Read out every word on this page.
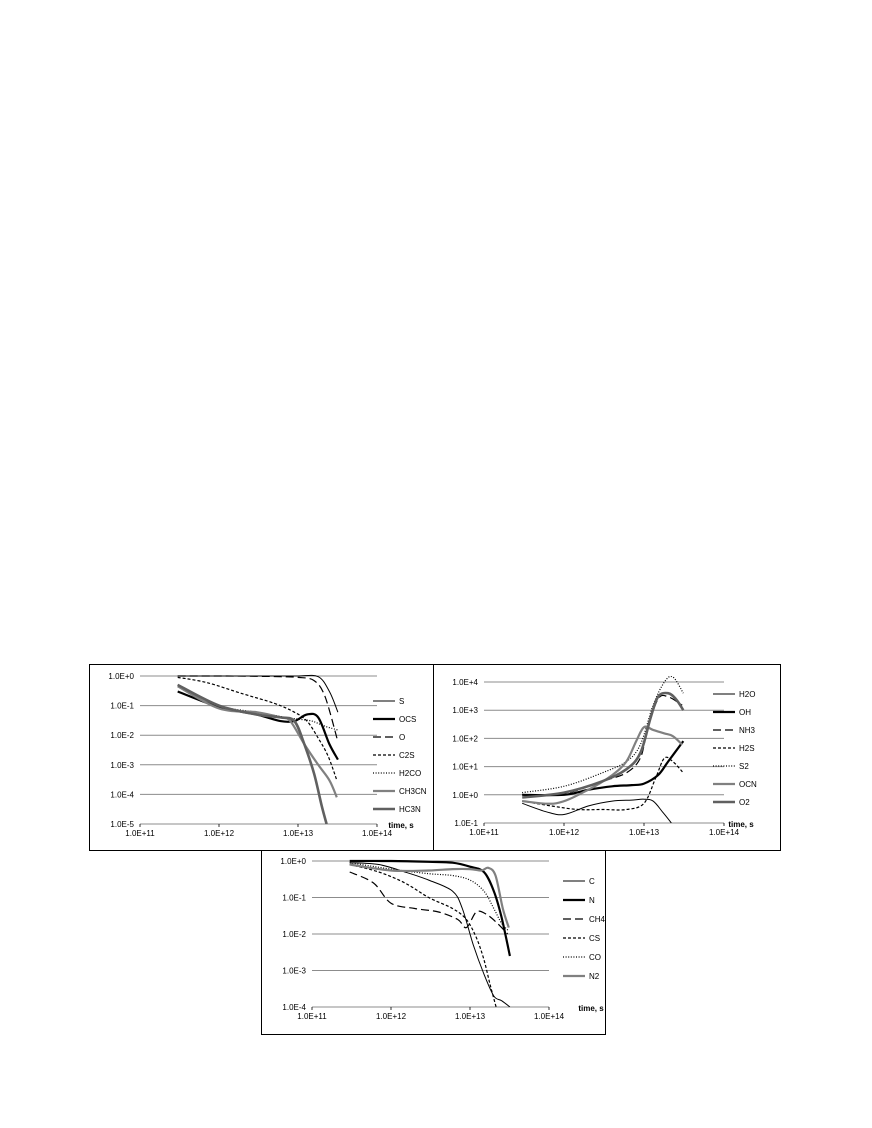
1.0E+0
1.0E-1
1.0E-2
1.0E-3
1.0E-4
1.0E-5
1.0E+11	1.0E+12	1.0E+13	1.0E+14
time, s
S
OCS
O
C2S
H2CO
CH3CN
HC3N
1.0E+4
1.0E+3
1.0E+2
1.0E+1
1.0E+0
1.0E-1
1.0E+11	1.0E+12	1.0E+13	1.0E+14
time, s
H2O
OH
NH3
H2S
S2
OCN
O2
1.0E+0
1.0E-1
1.0E-2
1.0E-3
1.0E-4
1.0E+11	1.0E+12	1.0E+13	1.0E+14
time, s
C
N
CH4
CS
CO
N2
